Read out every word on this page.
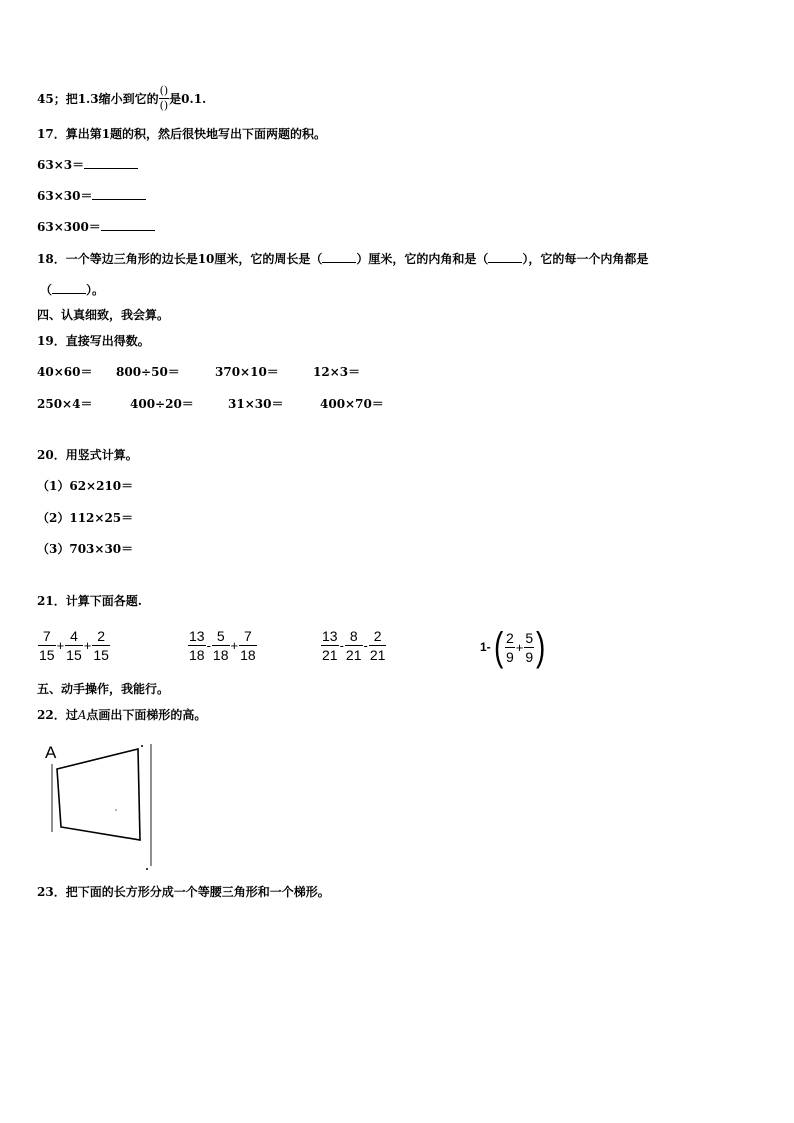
45；把1.3缩小到它的 $\frac{()}{()}$ 是0.1.
17．算出第1题的积，然后很快地写出下面两题的积。
63×3＝
63×30＝
63×300＝
18．一个等边三角形的边长是10厘米，它的周长是（	）厘米，它的内角和是（	），它的每一个内角都是
（	）。
四、认真细致，我会算。
19．直接写出得数。
40×60＝ 800÷50＝	370×10＝	12×3＝
250×4＝	400÷20＝	31×30＝	400×70＝
20．用竖式计算。
（1）62×210＝
（2）112×25＝
（3）703×30＝
21．计算下面各题.
$\frac{7}{15} + \frac{4}{15} + \frac{2}{15}$	$\frac{13}{18} - \frac{5}{18} + \frac{7}{18}$	$\frac{13}{21} - \frac{8}{21} - \frac{2}{21}$	1- ( $\frac{2}{9} + \frac{5}{9}$ )
五、动手操作，我能行。
22．过A点画出下面梯形的高。
A
23．把下面的长方形分成一个等腰三角形和一个梯形。
